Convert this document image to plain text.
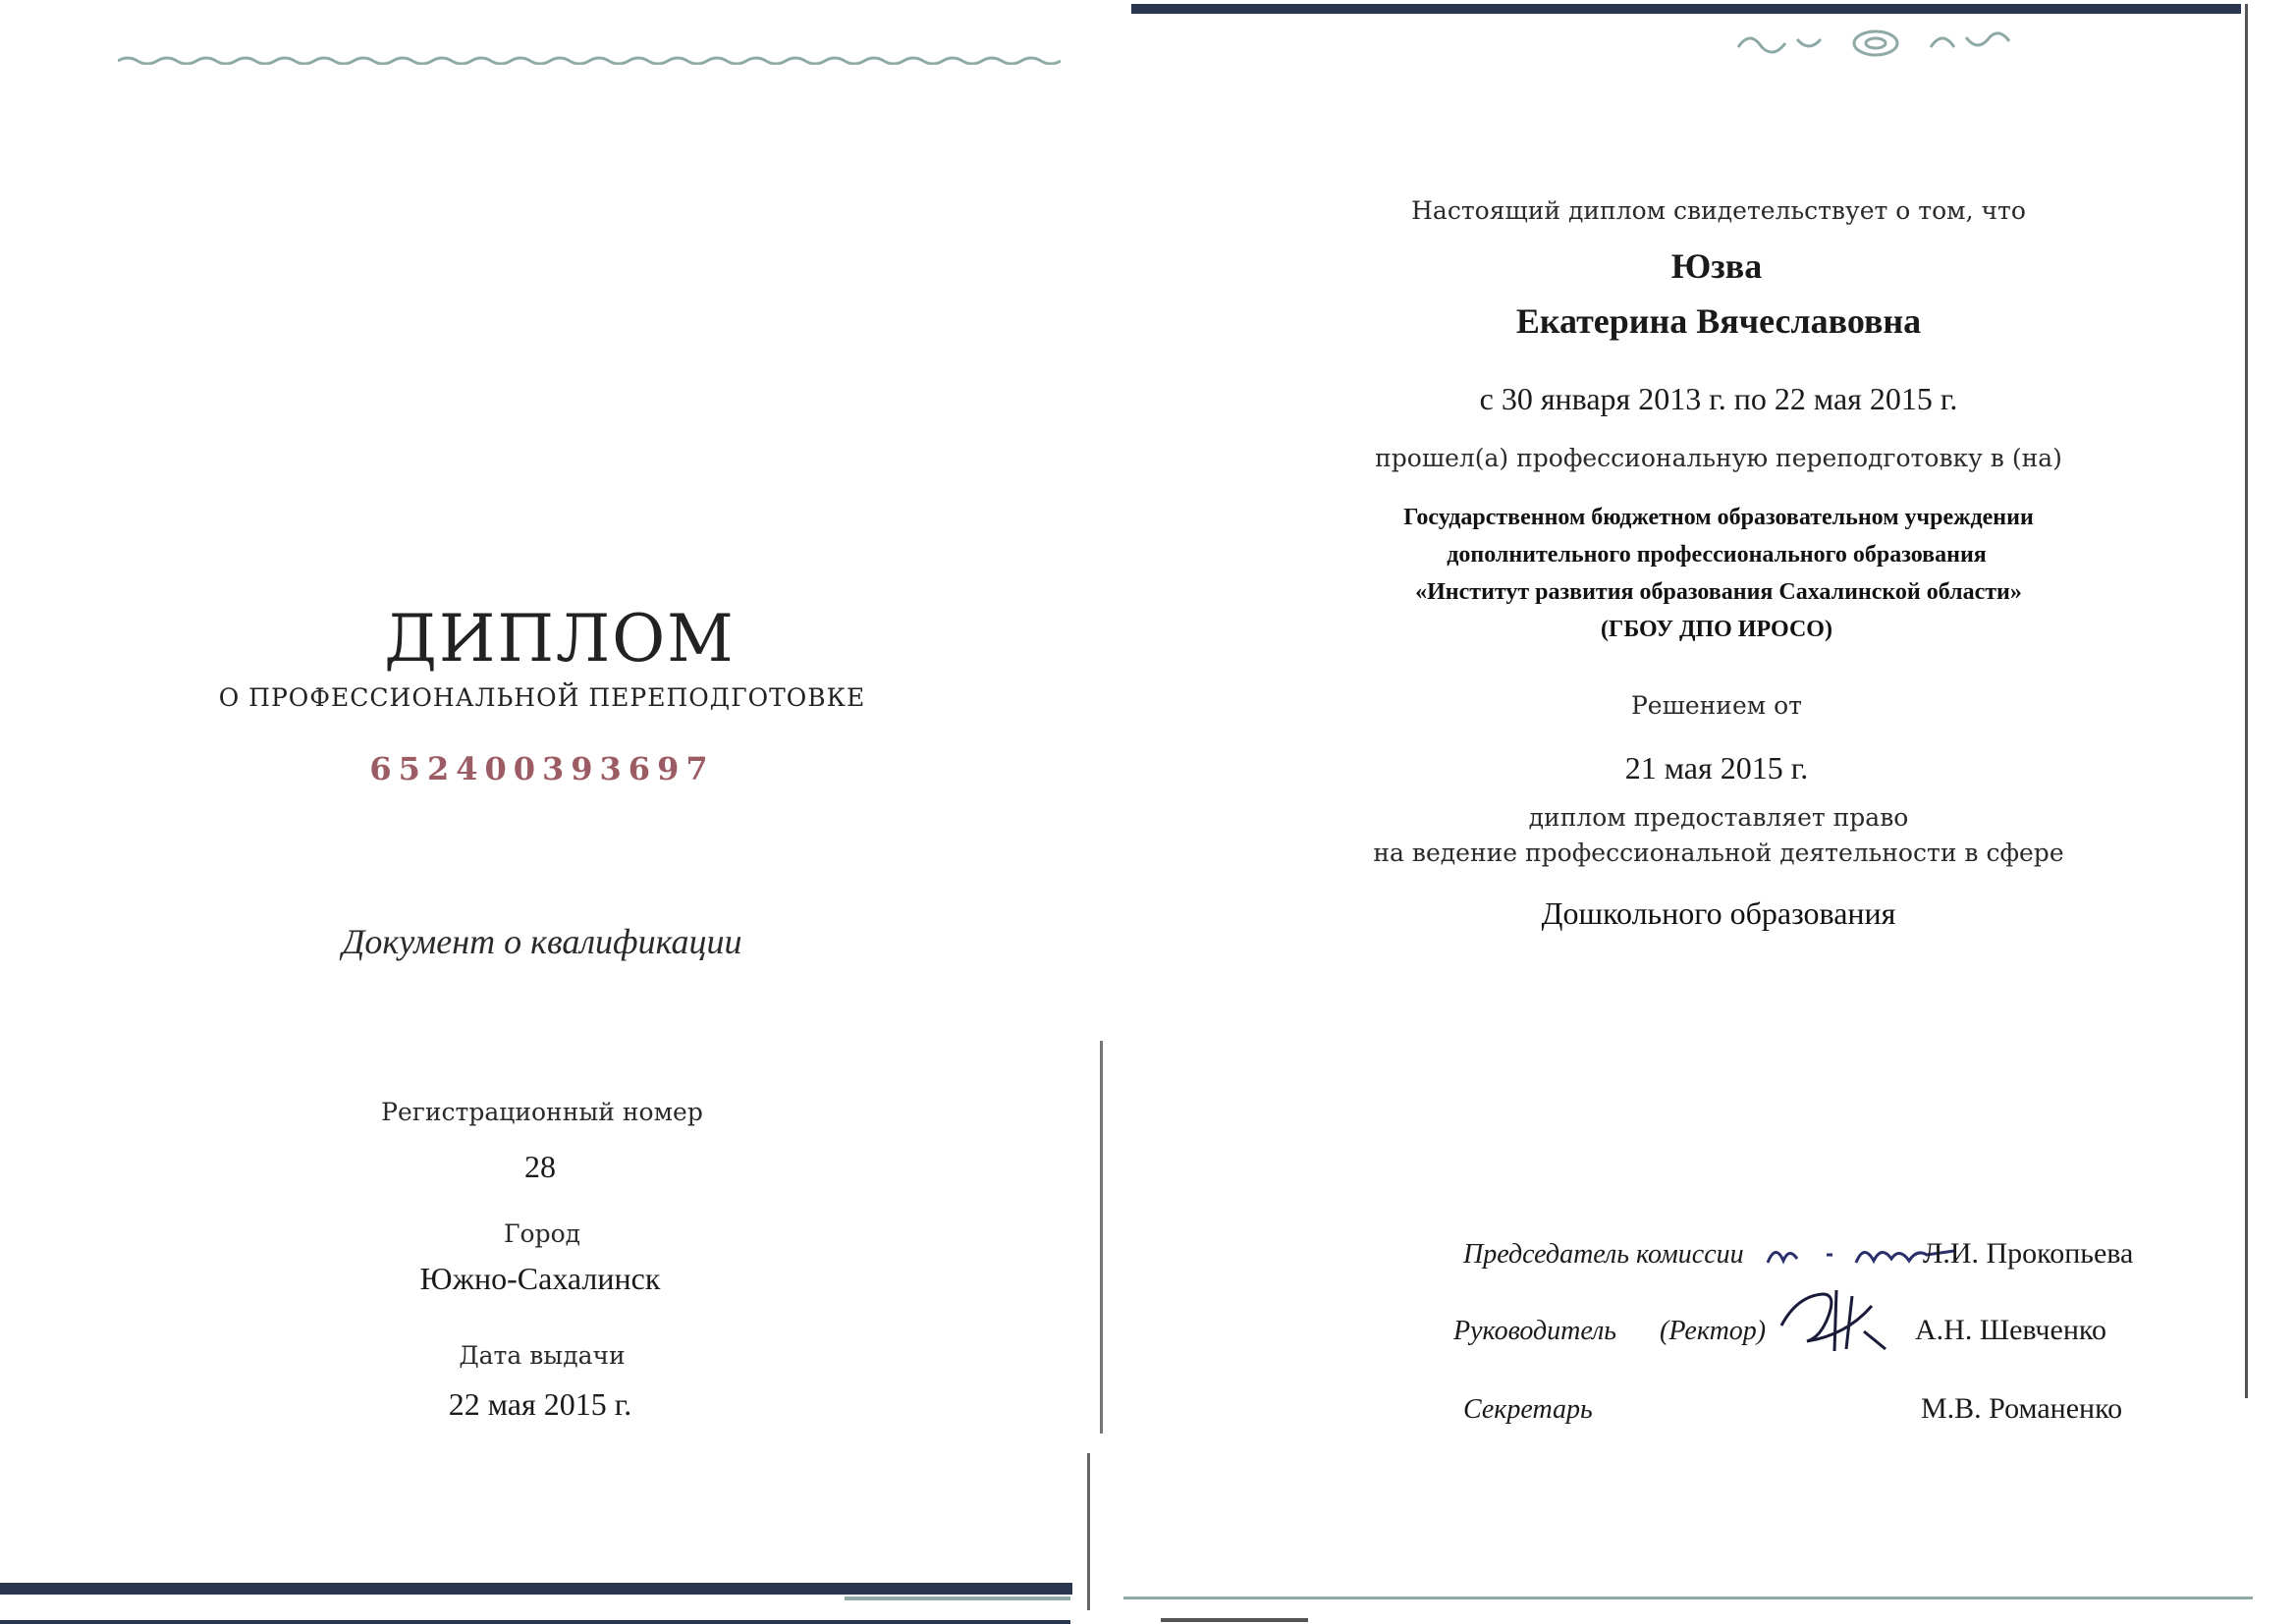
ДИПЛОМ
О ПРОФЕССИОНАЛЬНОЙ ПЕРЕПОДГОТОВКЕ
652400393697
Документ о квалификации
Регистрационный номер
28
Город
Южно-Сахалинск
Дата выдачи
22 мая 2015 г.
Настоящий диплом свидетельствует о том, что
Юзва
Екатерина Вячеславовна
с 30 января 2013 г. по 22 мая 2015 г.
прошел(а) профессиональную переподготовку в (на)
Государственном бюджетном образовательном учреждении
дополнительного профессионального образования
«Институт развития образования Сахалинской области»
(ГБОУ ДПО ИРОСО)
Решением от
21 мая 2015 г.
диплом предоставляет право
на ведение профессиональной деятельности в сфере
Дошкольного образования
Председатель комиссии	Л.И. Прокопьева
Руководитель (Ректор)	А.Н. Шевченко
Секретарь	М.В. Романенко
